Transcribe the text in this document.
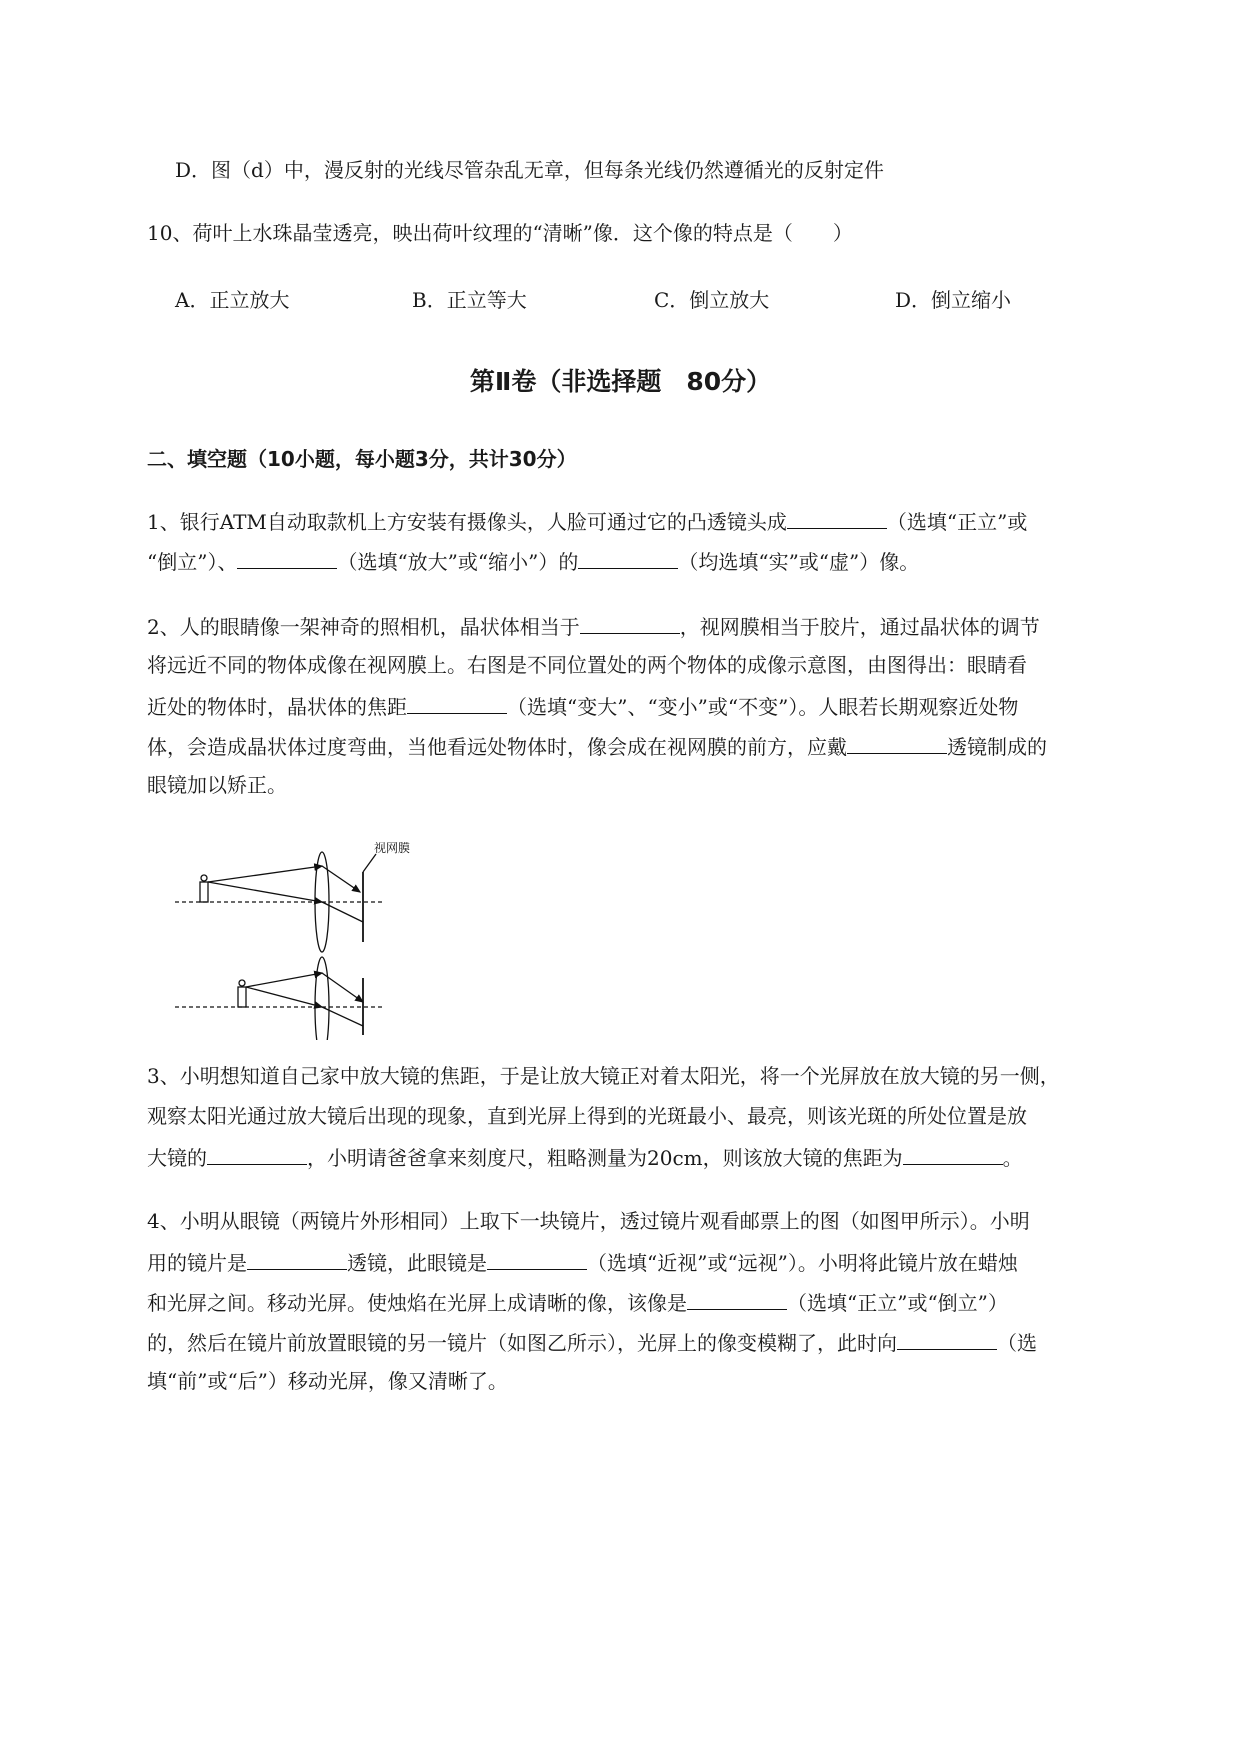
D．图（d）中，漫反射的光线尽管杂乱无章，但每条光线仍然遵循光的反射定件
10、荷叶上水珠晶莹透亮，映出荷叶纹理的“清晰”像．这个像的特点是（　　）
A．正立放大	B．正立等大	C．倒立放大	D．倒立缩小
第Ⅱ卷（非选择题　80分）
二、填空题（10小题，每小题3分，共计30分）
1、银行ATM自动取款机上方安装有摄像头，人脸可通过它的凸透镜头成	（选填“正立”或
“倒立”）、	（选填“放大”或“缩小”）的	（均选填“实”或“虚”）像。
2、人的眼睛像一架神奇的照相机，晶状体相当于	，视网膜相当于胶片，通过晶状体的调节
将远近不同的物体成像在视网膜上。右图是不同位置处的两个物体的成像示意图，由图得出：眼睛看
近处的物体时，晶状体的焦距	（选填“变大”、“变小”或“不变”）。人眼若长期观察近处物
体，会造成晶状体过度弯曲，当他看远处物体时，像会成在视网膜的前方，应戴	透镜制成的
眼镜加以矫正。
视网膜
3、小明想知道自己家中放大镜的焦距，于是让放大镜正对着太阳光，将一个光屏放在放大镜的另一侧，
观察太阳光通过放大镜后出现的现象，直到光屏上得到的光斑最小、最亮，则该光斑的所处位置是放
大镜的	，小明请爸爸拿来刻度尺，粗略测量为20cm，则该放大镜的焦距为	。
4、小明从眼镜（两镜片外形相同）上取下一块镜片，透过镜片观看邮票上的图（如图甲所示）。小明
用的镜片是	透镜，此眼镜是	（选填“近视”或“远视”）。小明将此镜片放在蜡烛
和光屏之间。移动光屏。使烛焰在光屏上成请晰的像，该像是	（选填“正立”或“倒立”）
的，然后在镜片前放置眼镜的另一镜片（如图乙所示），光屏上的像变模糊了，此时向	（选
填“前”或“后”）移动光屏，像又清晰了。
